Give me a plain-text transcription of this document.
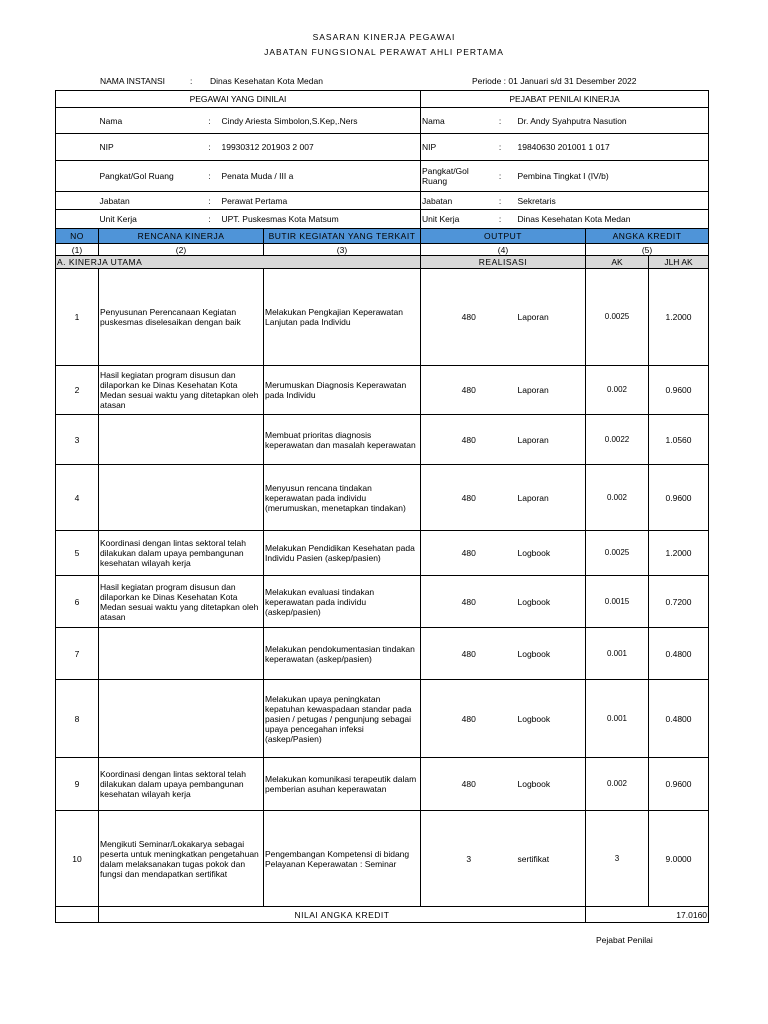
SASARAN KINERJA PEGAWAI
JABATAN FUNGSIONAL PERAWAT AHLI PERTAMA
NAMA INSTANSI	: Dinas Kesehatan Kota Medan	Periode : 01 Januari s/d 31 Desember 2022
PEGAWAI YANG DINILAI					PEJABAT PENILAI KINERJA				
	Nama	:	Cindy Ariesta Simbolon,S.Kep,.Ners		Nama	:	Dr. Andy Syahputra Nasution		
	NIP	:	19930312 201903 2 007		NIP	:	19840630 201001 1 017		
	Pangkat/Gol Ruang	:	Penata Muda / III a		Pangkat/Gol Ruang	:	Pembina Tingkat I (IV/b)		
	Jabatan	:	Perawat Pertama		Jabatan	:	Sekretaris		
	Unit Kerja	:	UPT. Puskesmas Kota Matsum		Unit Kerja	:	Dinas Kesehatan Kota Medan		
NO	RENCANA KINERJA			BUTIR KEGIATAN YANG TERKAIT	OUTPUT			ANGKA KREDIT	
(1)	(2)			(3)	(4)			(5)	
A. KINERJA UTAMA					REALISASI			AK	JLH AK
1	Penyusunan Perencanaan Kegiatan puskesmas diselesaikan dengan baik			Melakukan Pengkajian Keperawatan Lanjutan pada Individu	480		Laporan	0.0025	1.2000
2	Hasil kegiatan program disusun dan dilaporkan ke Dinas Kesehatan Kota Medan sesuai waktu yang ditetapkan oleh atasan			Merumuskan Diagnosis Keperawatan pada Individu	480		Laporan	0.002	0.9600
3				Membuat prioritas diagnosis keperawatan dan masalah keperawatan	480		Laporan	0.0022	1.0560
4				Menyusun rencana tindakan keperawatan pada individu (merumuskan, menetapkan tindakan)	480		Laporan	0.002	0.9600
5	Koordinasi dengan lintas sektoral telah dilakukan dalam upaya pembangunan kesehatan wilayah kerja			Melakukan Pendidikan Kesehatan pada Individu Pasien (askep/pasien)	480		Logbook	0.0025	1.2000
6	Hasil kegiatan program disusun dan dilaporkan ke Dinas Kesehatan Kota Medan sesuai waktu yang ditetapkan oleh atasan			Melakukan evaluasi tindakan keperawatan pada individu (askep/pasien)	480		Logbook	0.0015	0.7200
7				Melakukan pendokumentasian tindakan keperawatan (askep/pasien)	480		Logbook	0.001	0.4800
8				Melakukan upaya peningkatan kepatuhan kewaspadaan standar pada pasien / petugas / pengunjung sebagai upaya pencegahan infeksi (askep/Pasien)	480		Logbook	0.001	0.4800
9	Koordinasi dengan lintas sektoral telah dilakukan dalam upaya pembangunan kesehatan wilayah kerja			Melakukan komunikasi terapeutik dalam pemberian asuhan keperawatan	480		Logbook	0.002	0.9600
10	Mengikuti Seminar/Lokakarya sebagai peserta untuk meningkatkan pengetahuan dalam melaksanakan tugas pokok dan fungsi dan mendapatkan sertifikat			Pengembangan Kompetensi di bidang Pelayanan Keperawatan : Seminar	3		sertifikat	3	9.0000
	NILAI ANGKA KREDIT								17.0160
Pejabat Penilai
